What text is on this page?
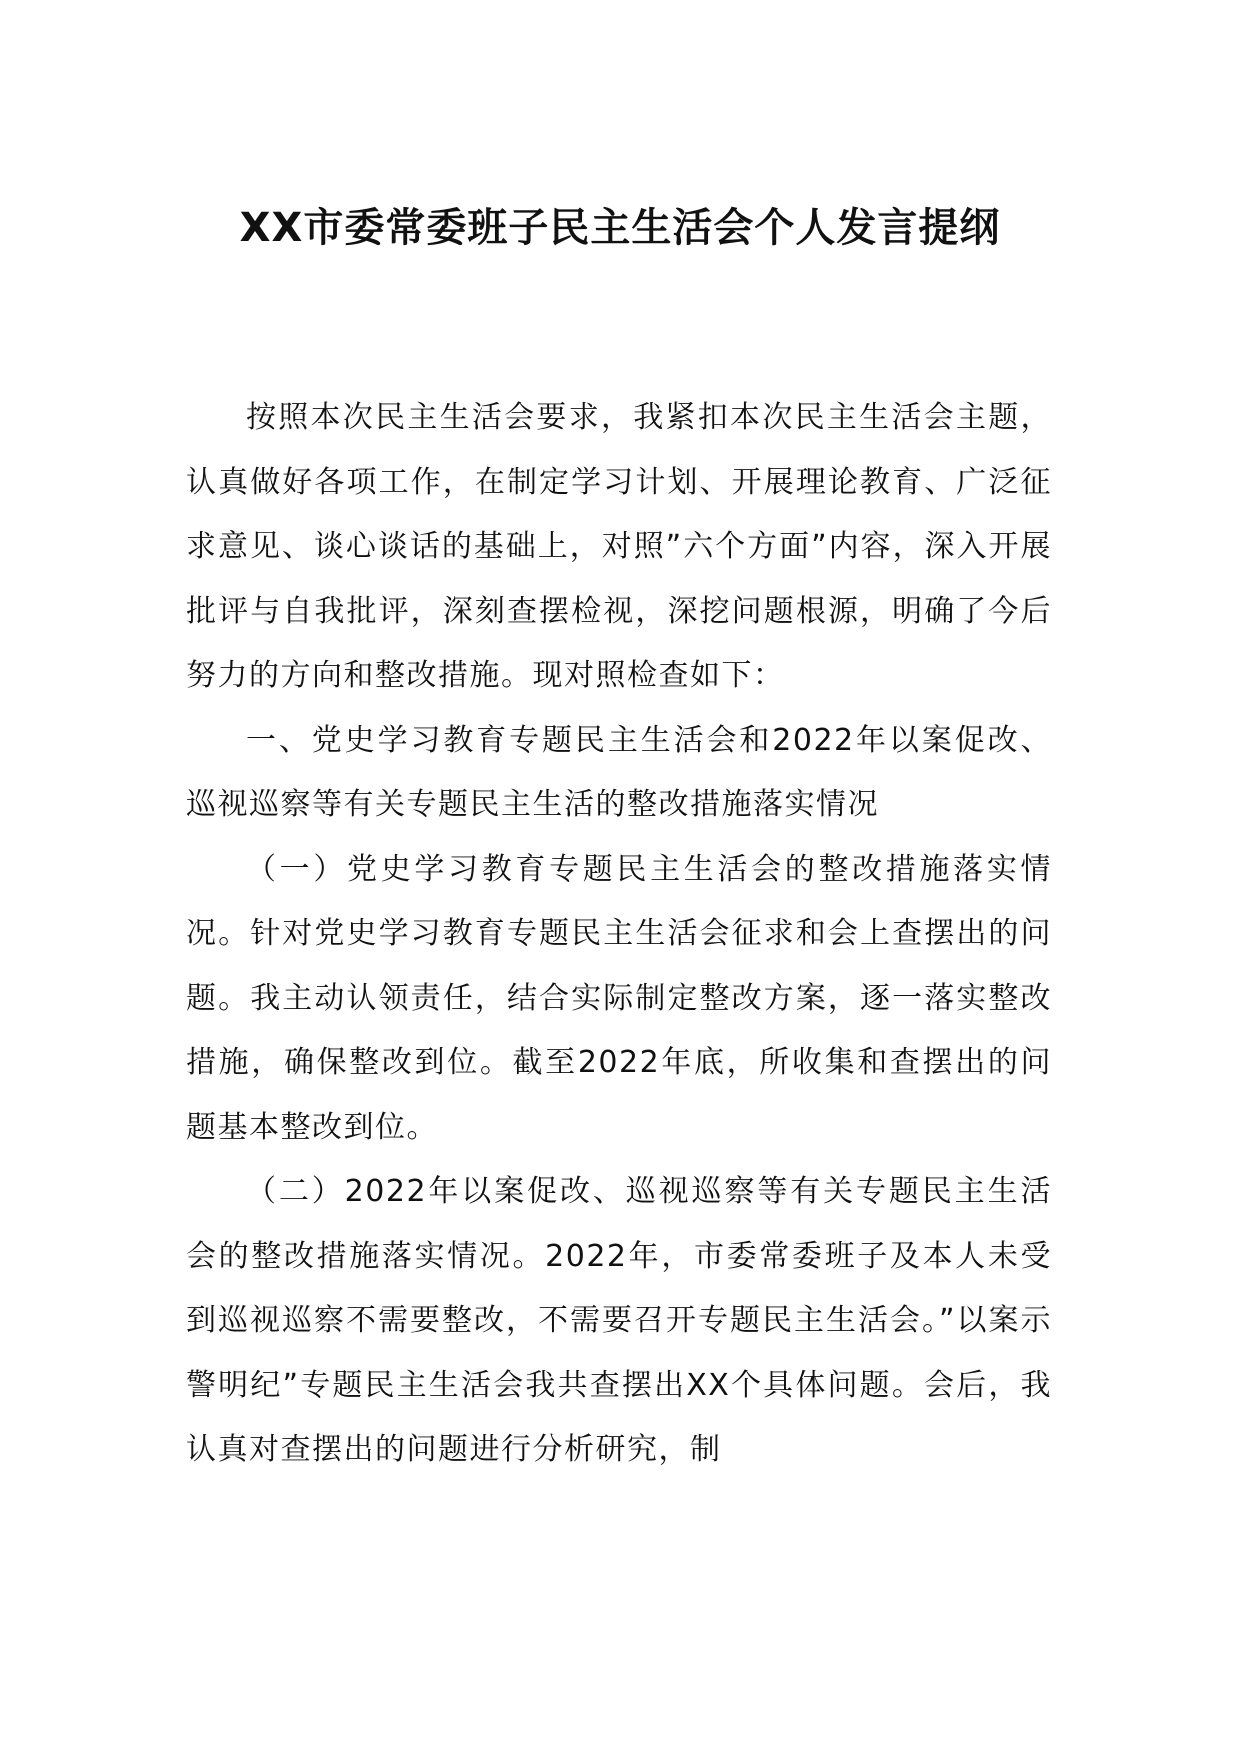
XX市委常委班子民主生活会个人发言提纲

按照本次民主生活会要求，我紧扣本次民主生活会主题，认真做好各项工作，在制定学习计划、开展理论教育、广泛征求意见、谈心谈话的基础上，对照”六个方面”内容，深入开展批评与自我批评，深刻查摆检视，深挖问题根源，明确了今后努力的方向和整改措施。现对照检查如下：

一、党史学习教育专题民主生活会和2022年以案促改、巡视巡察等有关专题民主生活的整改措施落实情况

（一）党史学习教育专题民主生活会的整改措施落实情况。针对党史学习教育专题民主生活会征求和会上查摆出的问题。我主动认领责任，结合实际制定整改方案，逐一落实整改措施，确保整改到位。截至2022年底，所收集和查摆出的问题基本整改到位。

（二）2022年以案促改、巡视巡察等有关专题民主生活会的整改措施落实情况。2022年，市委常委班子及本人未受到巡视巡察不需要整改，不需要召开专题民主生活会。”以案示警明纪”专题民主生活会我共查摆出XX个具体问题。会后，我认真对查摆出的问题进行分析研究，制
